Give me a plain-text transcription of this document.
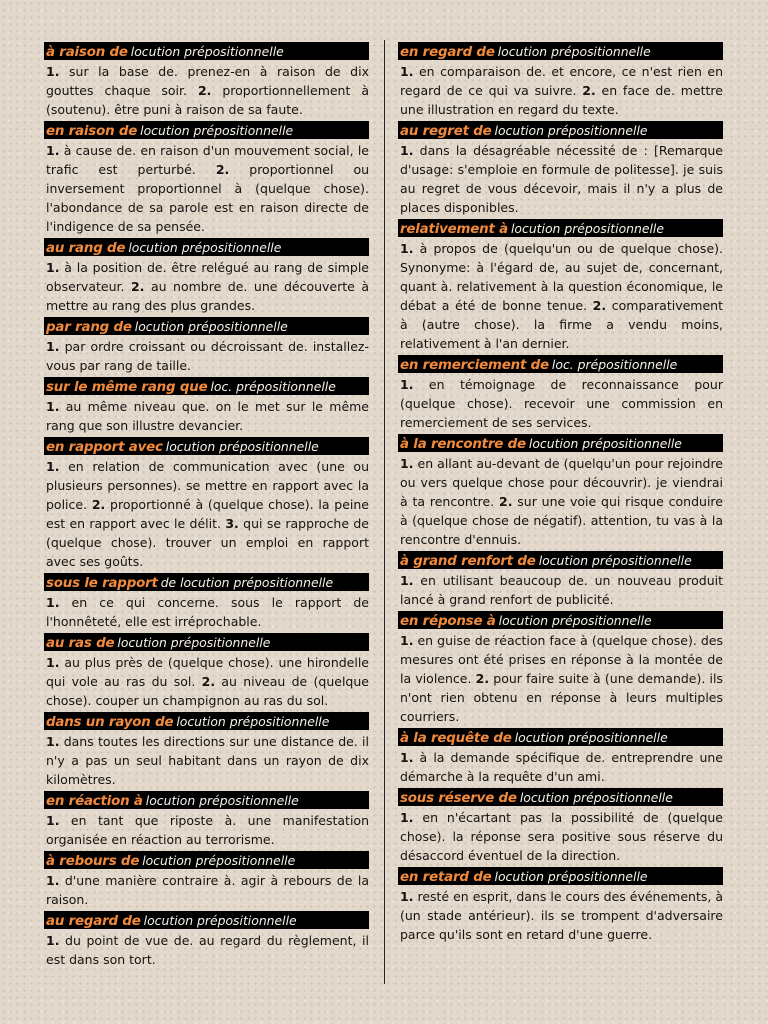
à raison de locution prépositionnelle

1. sur la base de. prenez-en à raison de dix gouttes chaque soir. 2. proportionnellement à (soutenu). être puni à raison de sa faute.

en raison de locution prépositionnelle

1. à cause de. en raison d'un mouvement social, le trafic est perturbé. 2. proportionnel ou inversement proportionnel à (quelque chose). l'abondance de sa parole est en raison directe de l'indigence de sa pensée.

au rang de locution prépositionnelle

1. à la position de. être relégué au rang de simple observateur. 2. au nombre de. une découverte à mettre au rang des plus grandes.

par rang de locution prépositionnelle

1. par ordre croissant ou décroissant de. installez-vous par rang de taille.

sur le même rang que loc. prépositionnelle

1. au même niveau que. on le met sur le même rang que son illustre devancier.

en rapport avec locution prépositionnelle

1. en relation de communication avec (une ou plusieurs personnes). se mettre en rapport avec la police. 2. proportionné à (quelque chose). la peine est en rapport avec le délit. 3. qui se rapproche de (quelque chose). trouver un emploi en rapport avec ses goûts.

sous le rapport de locution prépositionnelle

1. en ce qui concerne. sous le rapport de l'honnêteté, elle est irréprochable.

au ras de locution prépositionnelle

1. au plus près de (quelque chose). une hirondelle qui vole au ras du sol. 2. au niveau de (quelque chose). couper un champignon au ras du sol.

dans un rayon de locution prépositionnelle

1. dans toutes les directions sur une distance de. il n'y a pas un seul habitant dans un rayon de dix kilomètres.

en réaction à locution prépositionnelle

1. en tant que riposte à. une manifestation organisée en réaction au terrorisme.

à rebours de locution prépositionnelle

1. d'une manière contraire à. agir à rebours de la raison.

au regard de locution prépositionnelle

1. du point de vue de. au regard du règlement, il est dans son tort.

en regard de locution prépositionnelle

1. en comparaison de. et encore, ce n'est rien en regard de ce qui va suivre. 2. en face de. mettre une illustration en regard du texte.

au regret de locution prépositionnelle

1. dans la désagréable nécessité de : [Remarque d'usage: s'emploie en formule de politesse]. je suis au regret de vous décevoir, mais il n'y a plus de places disponibles.

relativement à locution prépositionnelle

1. à propos de (quelqu'un ou de quelque chose). Synonyme: à l'égard de, au sujet de, concernant, quant à. relativement à la question économique, le débat a été de bonne tenue. 2. comparativement à (autre chose). la firme a vendu moins, relativement à l'an dernier.

en remerciement de loc. prépositionnelle

1. en témoignage de reconnaissance pour (quelque chose). recevoir une commission en remerciement de ses services.

à la rencontre de locution prépositionnelle

1. en allant au-devant de (quelqu'un pour rejoindre ou vers quelque chose pour découvrir). je viendrai à ta rencontre. 2. sur une voie qui risque conduire à (quelque chose de négatif). attention, tu vas à la rencontre d'ennuis.

à grand renfort de locution prépositionnelle

1. en utilisant beaucoup de. un nouveau produit lancé à grand renfort de publicité.

en réponse à locution prépositionnelle

1. en guise de réaction face à (quelque chose). des mesures ont été prises en réponse à la montée de la violence. 2. pour faire suite à (une demande). ils n'ont rien obtenu en réponse à leurs multiples courriers.

à la requête de locution prépositionnelle

1. à la demande spécifique de. entreprendre une démarche à la requête d'un ami.

sous réserve de locution prépositionnelle

1. en n'écartant pas la possibilité de (quelque chose). la réponse sera positive sous réserve du désaccord éventuel de la direction.

en retard de locution prépositionnelle

1. resté en esprit, dans le cours des événements, à (un stade antérieur). ils se trompent d'adversaire parce qu'ils sont en retard d'une guerre.
